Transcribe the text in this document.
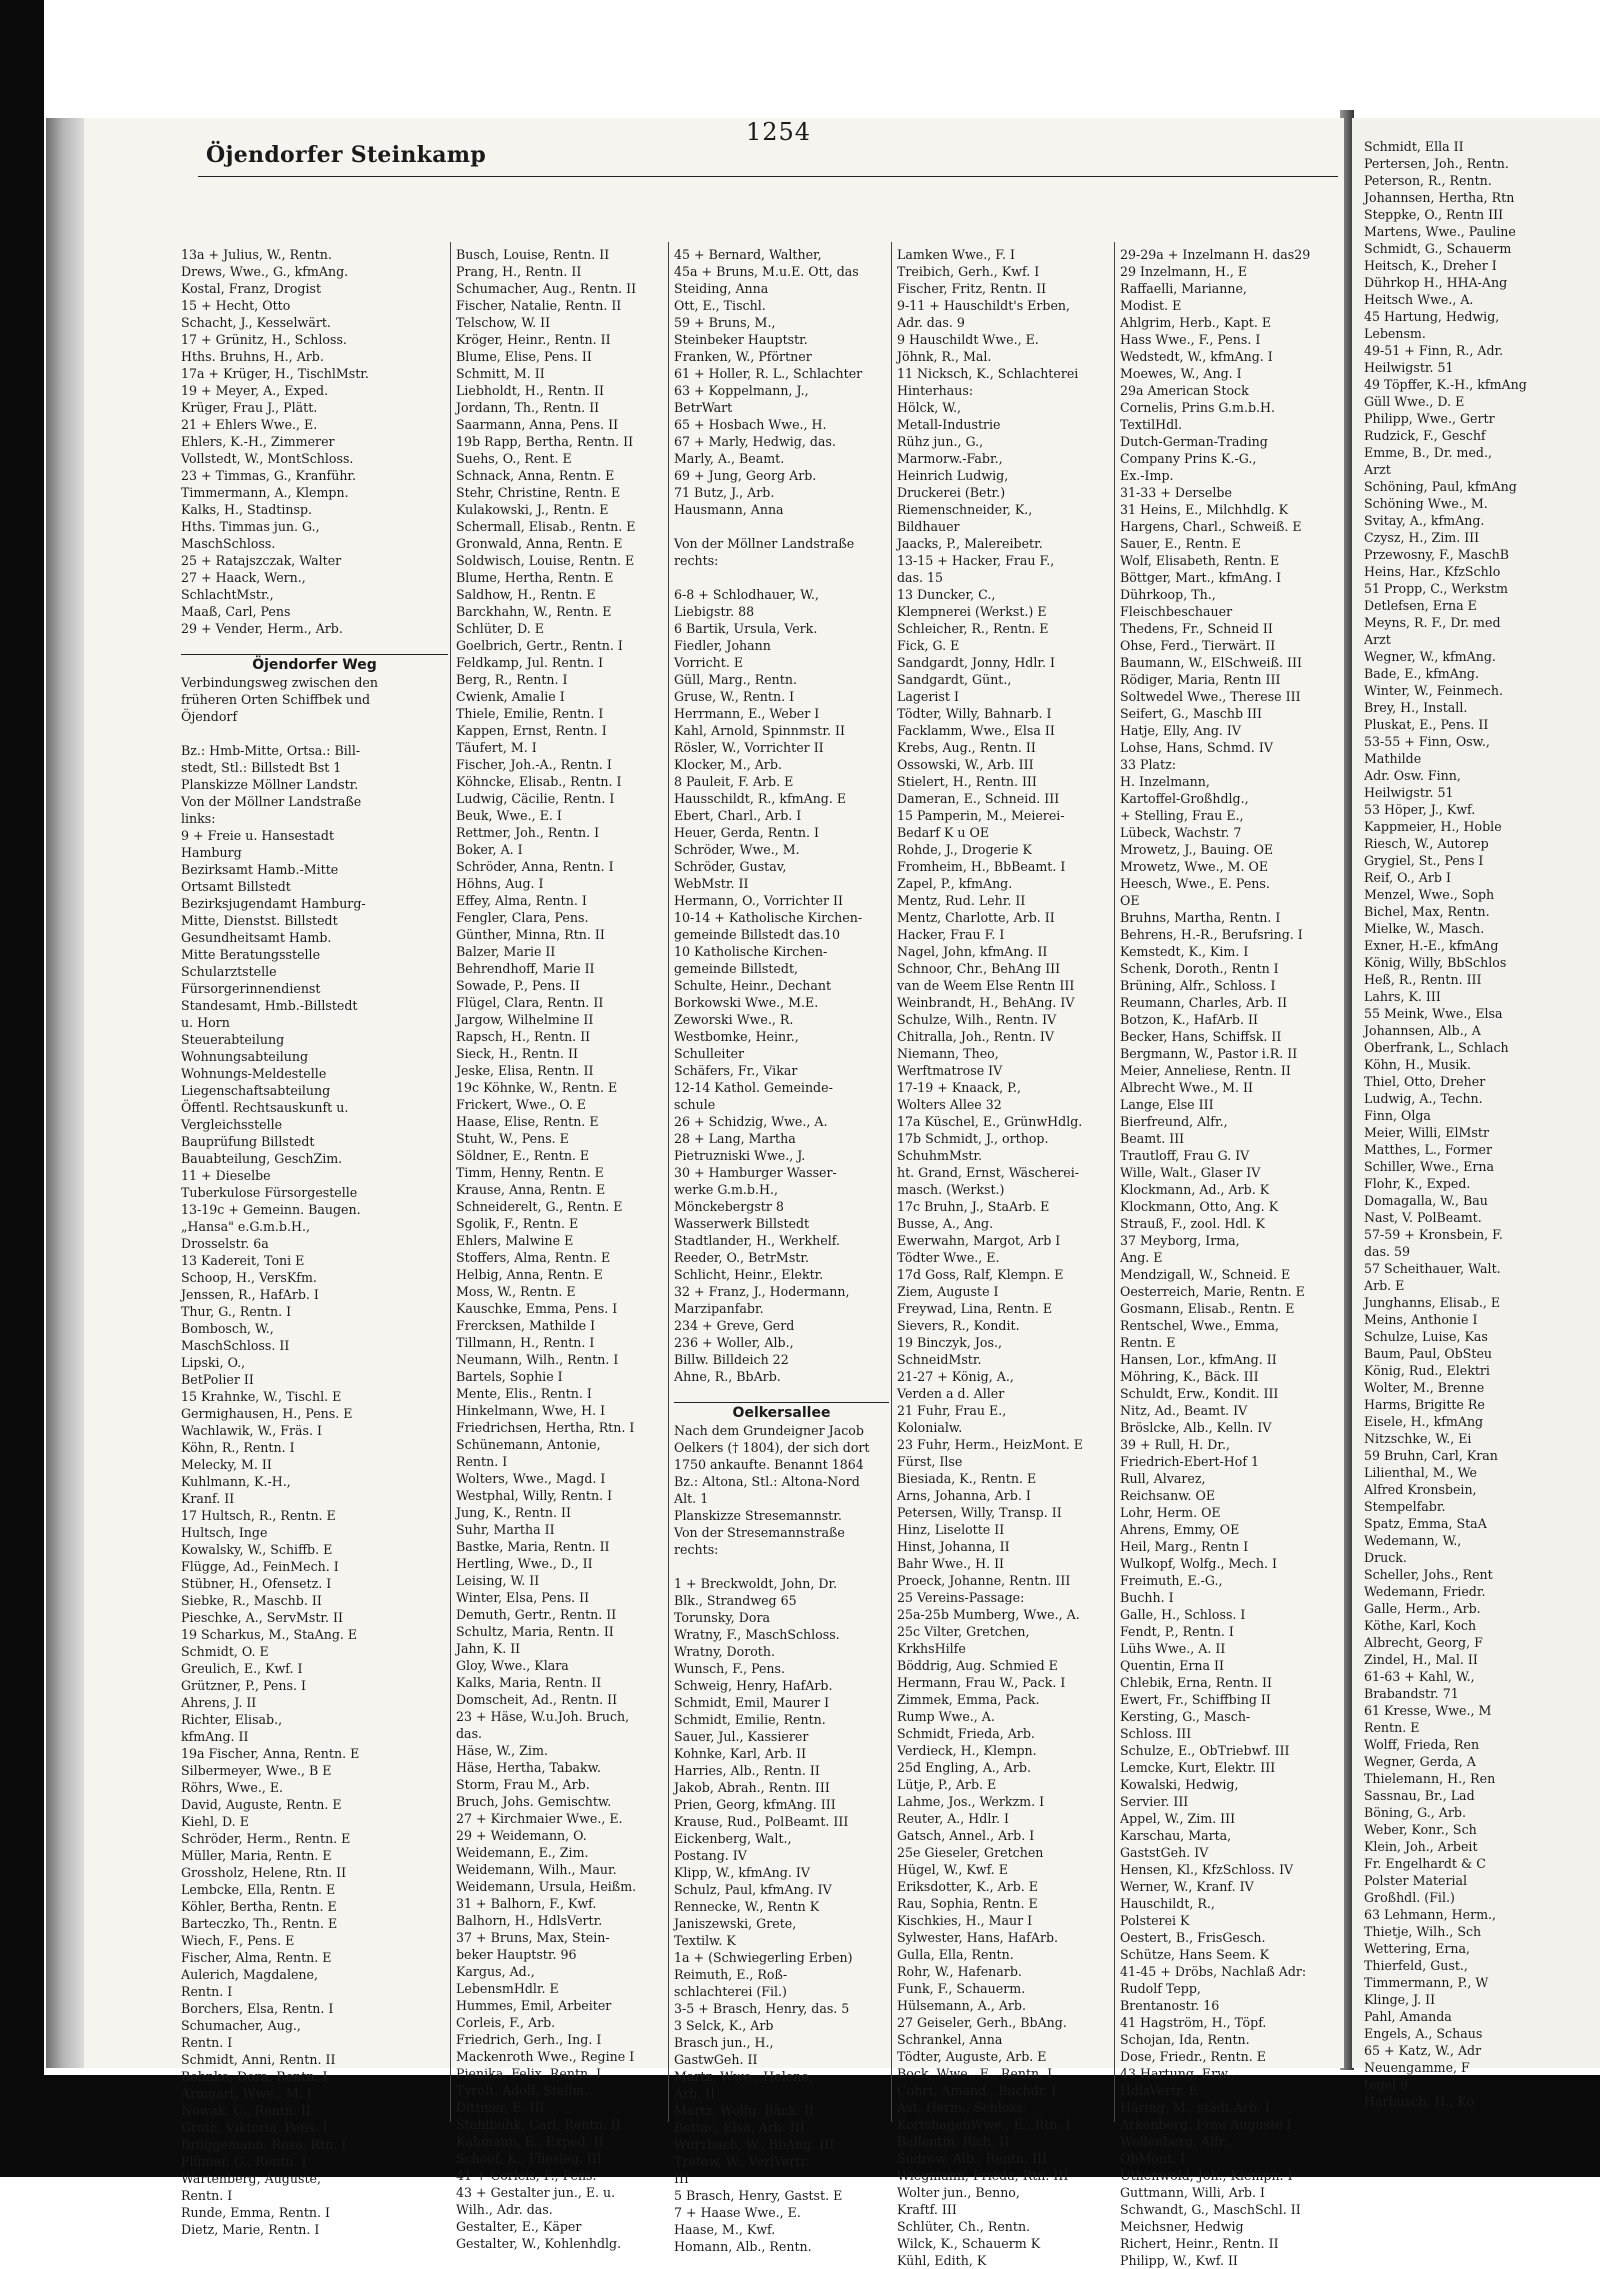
Öjendorfer Steinkamp
1254
13a + Julius, W., Rentn.
Drews, Wwe., G., kfmAng.
Kostal, Franz, Drogist
15 + Hecht, Otto
Schacht, J., Kesselwärt.
17 + Grünitz, H., Schloss.
Hths. Bruhns, H., Arb.
17a + Krüger, H., TischlMstr.
19 + Meyer, A., Exped.
Krüger, Frau J., Plätt.
21 + Ehlers Wwe., E.
Ehlers, K.-H., Zimmerer
Vollstedt, W., MontSchloss.
23 + Timmas, G., Kranführ.
Timmermann, A., Klempn.
Kalks, H., Stadtinsp.
Hths. Timmas jun. G.,
MaschSchloss.
25 + Ratajszczak, Walter
27 + Haack, Wern.,
SchlachtMstr.,
Maaß, Carl, Pens
29 + Vender, Herm., Arb.
Öjendorfer Weg
Verbindungsweg zwischen den
früheren Orten Schiffbek und
Öjendorf
Bz.: Hmb-Mitte, Ortsa.: Bill-
stedt, Stl.: Billstedt Bst 1
Planskizze Möllner Landstr.
Von der Möllner Landstraße
links:
9 + Freie u. Hansestadt
Hamburg
Bezirksamt Hamb.-Mitte
Ortsamt Billstedt
Bezirksjugendamt Hamburg-
Mitte, Dienstst. Billstedt
Gesundheitsamt Hamb.
Mitte Beratungsstelle
Schularztstelle
Fürsorgerinnendienst
Standesamt, Hmb.-Billstedt
u. Horn
Steuerabteilung
Wohnungsabteilung
Wohnungs-Meldestelle
Liegenschaftsabteilung
Öffentl. Rechtsauskunft u.
Vergleichsstelle
Bauprüfung Billstedt
Bauabteilung, GeschZim.
11 + Dieselbe
Tuberkulose Fürsorgestelle
13-19c + Gemeinn. Baugen.
„Hansa" e.G.m.b.H.,
Drosselstr. 6a
13 Kadereit, Toni E
Schoop, H., VersKfm.
Jenssen, R., HafArb. I
Thur, G., Rentn. I
Bombosch, W.,
MaschSchloss. II
Lipski, O.,
BetPolier II
15 Krahnke, W., Tischl. E
Germighausen, H., Pens. E
Wachlawik, W., Fräs. I
Köhn, R., Rentn. I
Melecky, M. II
Kuhlmann, K.-H.,
Kranf. II
17 Hultsch, R., Rentn. E
Hultsch, Inge
Kowalsky, W., Schiffb. E
Flügge, Ad., FeinMech. I
Stübner, H., Ofensetz. I
Siebke, R., Maschb. II
Pieschke, A., ServMstr. II
19 Scharkus, M., StaAng. E
Schmidt, O. E
Greulich, E., Kwf. I
Grützner, P., Pens. I
Ahrens, J. II
Richter, Elisab.,
kfmAng. II
19a Fischer, Anna, Rentn. E
Silbermeyer, Wwe., B E
Röhrs, Wwe., E.
David, Auguste, Rentn. E
Kiehl, D. E
Schröder, Herm., Rentn. E
Müller, Maria, Rentn. E
Grossholz, Helene, Rtn. II
Lembcke, Ella, Rentn. E
Köhler, Bertha, Rentn. E
Barteczko, Th., Rentn. E
Wiech, F., Pens. E
Fischer, Alma, Rentn. E
Aulerich, Magdalene,
Rentn. I
Borchers, Elsa, Rentn. I
Schumacher, Aug.,
Rentn. I
Schmidt, Anni, Rentn. II
Behnke, Dora, Rentn. I
Armgart, Wwe., M. I
Nowak, C., Rentn. II
Groth, Viktoria, Pens. I
Brüggemann, Rosa, Rtn. I
Plümer, G., Rentn. I
Wartenberg, Auguste,
Rentn. I
Runde, Emma, Rentn. I
Dietz, Marie, Rentn. I
Busch, Louise, Rentn. II
Prang, H., Rentn. II
Schumacher, Aug., Rentn. II
Fischer, Natalie, Rentn. II
Telschow, W. II
Kröger, Heinr., Rentn. II
Blume, Elise, Pens. II
Schmitt, M. II
Liebholdt, H., Rentn. II
Jordann, Th., Rentn. II
Saarmann, Anna, Pens. II
19b Rapp, Bertha, Rentn. II
Suehs, O., Rent. E
Schnack, Anna, Rentn. E
Stehr, Christine, Rentn. E
Kulakowski, J., Rentn. E
Schermall, Elisab., Rentn. E
Gronwald, Anna, Rentn. E
Soldwisch, Louise, Rentn. E
Blume, Hertha, Rentn. E
Saldhow, H., Rentn. E
Barckhahn, W., Rentn. E
Schlüter, D. E
Goelbrich, Gertr., Rentn. I
Feldkamp, Jul. Rentn. I
Berg, R., Rentn. I
Cwienk, Amalie I
Thiele, Emilie, Rentn. I
Kappen, Ernst, Rentn. I
Täufert, M. I
Fischer, Joh.-A., Rentn. I
Köhncke, Elisab., Rentn. I
Ludwig, Cäcilie, Rentn. I
Beuk, Wwe., E. I
Rettmer, Joh., Rentn. I
Boker, A. I
Schröder, Anna, Rentn. I
Höhns, Aug. I
Effey, Alma, Rentn. I
Fengler, Clara, Pens.
Günther, Minna, Rtn. II
Balzer, Marie II
Behrendhoff, Marie II
Sowade, P., Pens. II
Flügel, Clara, Rentn. II
Jargow, Wilhelmine II
Rapsch, H., Rentn. II
Sieck, H., Rentn. II
Jeske, Elisa, Rentn. II
19c Köhnke, W., Rentn. E
Frickert, Wwe., O. E
Haase, Elise, Rentn. E
Stuht, W., Pens. E
Söldner, E., Rentn. E
Timm, Henny, Rentn. E
Krause, Anna, Rentn. E
Schneiderelt, G., Rentn. E
Sgolik, F., Rentn. E
Ehlers, Malwine E
Stoffers, Alma, Rentn. E
Helbig, Anna, Rentn. E
Moss, W., Rentn. E
Kauschke, Emma, Pens. I
Frercksen, Mathilde I
Tillmann, H., Rentn. I
Neumann, Wilh., Rentn. I
Bartels, Sophie I
Mente, Elis., Rentn. I
Hinkelmann, Wwe, H. I
Friedrichsen, Hertha, Rtn. I
Schünemann, Antonie,
Rentn. I
Wolters, Wwe., Magd. I
Westphal, Willy, Rentn. I
Jung, K., Rentn. II
Suhr, Martha II
Bastke, Maria, Rentn. II
Hertling, Wwe., D., II
Leising, W. II
Winter, Elsa, Pens. II
Demuth, Gertr., Rentn. II
Schultz, Maria, Rentn. II
Jahn, K. II
Gloy, Wwe., Klara
Kalks, Maria, Rentn. II
Domscheit, Ad., Rentn. II
23 + Häse, W.u.Joh. Bruch,
das.
Häse, W., Zim.
Häse, Hertha, Tabakw.
Storm, Frau M., Arb.
Bruch, Johs. Gemischtw.
27 + Kirchmaier Wwe., E.
29 + Weidemann, O.
Weidemann, E., Zim.
Weidemann, Wilh., Maur.
Weidemann, Ursula, Heißm.
31 + Balhorn, F., Kwf.
Balhorn, H., HdlsVertr.
37 + Bruns, Max, Stein-
beker Hauptstr. 96
Kargus, Ad.,
LebensmHdlr. E
Hummes, Emil, Arbeiter
Corleis, F., Arb.
Friedrich, Gerh., Ing. I
Mackenroth Wwe., Regine I
Pienika, Felix, Rentn. I
Tyrolt, Adolf, Stellm.
Dittmer, E. III
Stahlbuhk, Carl, Rentn. II
Kahmann, E., Exped. II
Schoof, K., Fliesleg. III
41 + Corleis, F., Pens.
43 + Gestalter jun., E. u.
Wilh., Adr. das.
Gestalter, E., Käper
Gestalter, W., Kohlenhdlg.
45 + Bernard, Walther,
45a + Bruns, M.u.E. Ott, das
Steiding, Anna
Ott, E., Tischl.
59 + Bruns, M.,
Steinbeker Hauptstr.
Franken, W., Pförtner
61 + Holler, R. L., Schlachter
63 + Koppelmann, J.,
BetrWart
65 + Hosbach Wwe., H.
67 + Marly, Hedwig, das.
Marly, A., Beamt.
69 + Jung, Georg Arb.
71 Butz, J., Arb.
Hausmann, Anna
Von der Möllner Landstraße
rechts:
6-8 + Schlodhauer, W.,
Liebigstr. 88
6 Bartik, Ursula, Verk.
Fiedler, Johann
Vorricht. E
Güll, Marg., Rentn.
Gruse, W., Rentn. I
Herrmann, E., Weber I
Kahl, Arnold, Spinnmstr. II
Rösler, W., Vorrichter II
Klocker, M., Arb.
8 Pauleit, F. Arb. E
Hausschildt, R., kfmAng. E
Ebert, Charl., Arb. I
Heuer, Gerda, Rentn. I
Schröder, Wwe., M.
Schröder, Gustav,
WebMstr. II
Hermann, O., Vorrichter II
10-14 + Katholische Kirchen-
gemeinde Billstedt das.10
10 Katholische Kirchen-
gemeinde Billstedt,
Schulte, Heinr., Dechant
Borkowski Wwe., M.E.
Zeworski Wwe., R.
Westbomke, Heinr.,
Schulleiter
Schäfers, Fr., Vikar
12-14 Kathol. Gemeinde-
schule
26 + Schidzig, Wwe., A.
28 + Lang, Martha
Pietruzniski Wwe., J.
30 + Hamburger Wasser-
werke G.m.b.H.,
Mönckebergstr 8
Wasserwerk Billstedt
Stadtlander, H., Werkhelf.
Reeder, O., BetrMstr.
Schlicht, Heinr., Elektr.
32 + Franz, J., Hodermann,
Marzipanfabr.
234 + Greve, Gerd
236 + Woller, Alb.,
Billw. Billdeich 22
Ahne, R., BbArb.
Oelkersallee
Nach dem Grundeigner Jacob
Oelkers († 1804), der sich dort
1750 ankaufte. Benannt 1864
Bz.: Altona, Stl.: Altona-Nord
Alt. 1
Planskizze Stresemannstr.
Von der Stresemannstraße
rechts:
1 + Breckwoldt, John, Dr.
Blk., Strandweg 65
Torunsky, Dora
Wratny, F., MaschSchloss.
Wratny, Doroth.
Wunsch, F., Pens.
Schweig, Henry, HafArb.
Schmidt, Emil, Maurer I
Schmidt, Emilie, Rentn.
Sauer, Jul., Kassierer
Kohnke, Karl, Arb. II
Harries, Alb., Rentn. II
Jakob, Abrah., Rentn. III
Prien, Georg, kfmAng. III
Krause, Rud., PolBeamt. III
Eickenberg, Walt.,
Postang. IV
Klipp, W., kfmAng. IV
Schulz, Paul, kfmAng. IV
Rennecke, W., Rentn K
Janiszewski, Grete,
Textilw. K
1a + (Schwiegerling Erben)
Reimuth, E., Roß-
schlachterei (Fil.)
3-5 + Brasch, Henry, das. 5
3 Selck, K., Arb
Brasch jun., H.,
GastwGeh. II
Martz, Wwe., Helene,
Arb. II
Martz, Wolfg. Bäck. II
Bettac, Elsa, Arb. III
Wurzbach, W., BbAng. III
Tretow, W., VerlVertr.
III
5 Brasch, Henry, Gastst. E
7 + Haase Wwe., E.
Haase, M., Kwf.
Homann, Alb., Rentn.
Lamken Wwe., F. I
Treibich, Gerh., Kwf. I
Fischer, Fritz, Rentn. II
9-11 + Hauschildt's Erben,
Adr. das. 9
9 Hauschildt Wwe., E.
Jöhnk, R., Mal.
11 Nicksch, K., Schlachterei
Hinterhaus:
Hölck, W.,
Metall-Industrie
Rühz jun., G.,
Marmorw.-Fabr.,
Heinrich Ludwig,
Druckerei (Betr.)
Riemenschneider, K.,
Bildhauer
Jaacks, P., Malereibetr.
13-15 + Hacker, Frau F.,
das. 15
13 Duncker, C.,
Klempnerei (Werkst.) E
Schleicher, R., Rentn. E
Fick, G. E
Sandgardt, Jonny, Hdlr. I
Sandgardt, Günt.,
Lagerist I
Tödter, Willy, Bahnarb. I
Facklamm, Wwe., Elsa II
Krebs, Aug., Rentn. II
Ossowski, W., Arb. III
Stielert, H., Rentn. III
Dameran, E., Schneid. III
15 Pamperin, M., Meierei-
Bedarf K u OE
Rohde, J., Drogerie K
Fromheim, H., BbBeamt. I
Zapel, P., kfmAng.
Mentz, Rud. Lehr. II
Mentz, Charlotte, Arb. II
Hacker, Frau F. I
Nagel, John, kfmAng. II
Schnoor, Chr., BehAng III
van de Weem Else Rentn III
Weinbrandt, H., BehAng. IV
Schulze, Wilh., Rentn. IV
Chitralla, Joh., Rentn. IV
Niemann, Theo,
Werftmatrose IV
17-19 + Knaack, P.,
Wolters Allee 32
17a Küschel, E., GrünwHdlg.
17b Schmidt, J., orthop.
SchuhmMstr.
ht. Grand, Ernst, Wäscherei-
masch. (Werkst.)
17c Bruhn, J., StaArb. E
Busse, A., Ang.
Ewerwahn, Margot, Arb I
Tödter Wwe., E.
17d Goss, Ralf, Klempn. E
Ziem, Auguste I
Freywad, Lina, Rentn. E
Sievers, R., Kondit.
19 Binczyk, Jos.,
SchneidMstr.
21-27 + König, A.,
Verden a d. Aller
21 Fuhr, Frau E.,
Kolonialw.
23 Fuhr, Herm., HeizMont. E
Fürst, Ilse
Biesiada, K., Rentn. E
Arns, Johanna, Arb. I
Petersen, Willy, Transp. II
Hinz, Liselotte II
Hinst, Johanna, II
Bahr Wwe., H. II
Proeck, Johanne, Rentn. III
25 Vereins-Passage:
25a-25b Mumberg, Wwe., A.
25c Vilter, Gretchen,
KrkhsHilfe
Böddrig, Aug. Schmied E
Hermann, Frau W., Pack. I
Zimmek, Emma, Pack.
Rump Wwe., A.
Schmidt, Frieda, Arb.
Verdieck, H., Klempn.
25d Engling, A., Arb.
Lütje, P., Arb. E
Lahme, Jos., Werkzm. I
Reuter, A., Hdlr. I
Gatsch, Annel., Arb. I
25e Gieseler, Gretchen
Hügel, W., Kwf. E
Eriksdotter, K., Arb. E
Rau, Sophia, Rentn. E
Kischkies, H., Maur I
Sylwester, Hans, HafArb.
Gulla, Ella, Rentn.
Rohr, W., Hafenarb.
Funk, F., Schauerm.
Hülsemann, A., Arb.
27 Geiseler, Gerh., BbAng.
Schrankel, Anna
Tödter, Auguste, Arb. E
Bock, Wwe., E., Rentn. I
Cohrt, Amand., Buchdr. I
Ast, Herm., Schloss.
KortshagenWwe., E., Rtn. I
Ballentin, Rich. II
Sudrow, Alb., Rentn. III
Wiegmann, Frieda, Rtn. III
Wolter jun., Benno,
Kraftf. III
Schlüter, Ch., Rentn.
Wilck, K., Schauerm K
Kühl, Edith, K
29-29a + Inzelmann H. das29
29 Inzelmann, H., E
Raffaelli, Marianne,
Modist. E
Ahlgrim, Herb., Kapt. E
Hass Wwe., F., Pens. I
Wedstedt, W., kfmAng. I
Moewes, W., Ang. I
29a American Stock
Cornelis, Prins G.m.b.H.
TextilHdl.
Dutch-German-Trading
Company Prins K.-G.,
Ex.-Imp.
31-33 + Derselbe
31 Heins, E., Milchhdlg. K
Hargens, Charl., Schweiß. E
Sauer, E., Rentn. E
Wolf, Elisabeth, Rentn. E
Böttger, Mart., kfmAng. I
Dührkoop, Th.,
Fleischbeschauer
Thedens, Fr., Schneid II
Ohse, Ferd., Tierwärt. II
Baumann, W., ElSchweiß. III
Rödiger, Maria, Rentn III
Soltwedel Wwe., Therese III
Seifert, G., Maschb III
Hatje, Elly, Ang. IV
Lohse, Hans, Schmd. IV
33 Platz:
H. Inzelmann,
Kartoffel-Großhdlg.,
+ Stelling, Frau E.,
Lübeck, Wachstr. 7
Mrowetz, J., Bauing. OE
Mrowetz, Wwe., M. OE
Heesch, Wwe., E. Pens.
OE
Bruhns, Martha, Rentn. I
Behrens, H.-R., Berufsring. I
Kemstedt, K., Kim. I
Schenk, Doroth., Rentn I
Brüning, Alfr., Schloss. I
Reumann, Charles, Arb. II
Botzon, K., HafArb. II
Becker, Hans, Schiffsk. II
Bergmann, W., Pastor i.R. II
Meier, Anneliese, Rentn. II
Albrecht Wwe., M. II
Lange, Else III
Bierfreund, Alfr.,
Beamt. III
Trautloff, Frau G. IV
Wille, Walt., Glaser IV
Klockmann, Ad., Arb. K
Klockmann, Otto, Ang. K
Strauß, F., zool. Hdl. K
37 Meyborg, Irma,
Ang. E
Mendzigall, W., Schneid. E
Oesterreich, Marie, Rentn. E
Gosmann, Elisab., Rentn. E
Rentschel, Wwe., Emma,
Rentn. E
Hansen, Lor., kfmAng. II
Möhring, K., Bäck. III
Schuldt, Erw., Kondit. III
Nitz, Ad., Beamt. IV
Bröslcke, Alb., Kelln. IV
39 + Rull, H. Dr.,
Friedrich-Ebert-Hof 1
Rull, Alvarez,
Reichsanw. OE
Lohr, Herm. OE
Ahrens, Emmy, OE
Heil, Marg., Rentn I
Wulkopf, Wolfg., Mech. I
Freimuth, E.-G.,
Buchh. I
Galle, H., Schloss. I
Fendt, P., Rentn. I
Lühs Wwe., A. II
Quentin, Erna II
Chlebik, Erna, Rentn. II
Ewert, Fr., Schiffbing II
Kersting, G., Masch-
Schloss. III
Schulze, E., ObTriebwf. III
Lemcke, Kurt, Elektr. III
Kowalski, Hedwig,
Servier. III
Appel, W., Zim. III
Karschau, Marta,
GaststGeh. IV
Hensen, Kl., KfzSchloss. IV
Werner, W., Kranf. IV
Hauschildt, R.,
Polsterei K
Oestert, B., FrisGesch.
Schütze, Hans Seem. K
41-45 + Dröbs, Nachlaß Adr:
Rudolf Tepp,
Brentanostr. 16
41 Hagström, H., Töpf.
Schojan, Ida, Rentn.
Dose, Friedr., Rentn. E
43 Hartung, Erw.,
HdlsVertr. E
Häring, M., städt.Arb. I
Arkenberg, Frau Auguste I
Wollenberg, Alfr.,
ObMont. I
Uthenwold, Joh., Klempn. I
Guttmann, Willi, Arb. I
Schwandt, G., MaschSchl. II
Meichsner, Hedwig
Richert, Heinr., Rentn. II
Philipp, W., Kwf. II
Schmidt, Ella II
Pertersen, Joh., Rentn.
Peterson, R., Rentn.
Johannsen, Hertha, Rtn
Steppke, O., Rentn III
Martens, Wwe., Pauline
Schmidt, G., Schauerm
Heitsch, K., Dreher I
Dührkop H., HHA-Ang
Heitsch Wwe., A.
45 Hartung, Hedwig,
Lebensm.
49-51 + Finn, R., Adr.
Heilwigstr. 51
49 Töpffer, K.-H., kfmAng
Güll Wwe., D. E
Philipp, Wwe., Gertr
Rudzick, F., Geschf
Emme, B., Dr. med.,
Arzt
Schöning, Paul, kfmAng
Schöning Wwe., M.
Svitay, A., kfmAng.
Czysz, H., Zim. III
Przewosny, F., MaschB
Heins, Har., KfzSchlo
51 Propp, C., Werkstm
Detlefsen, Erna E
Meyns, R. F., Dr. med
Arzt
Wegner, W., kfmAng.
Bade, E., kfmAng.
Winter, W., Feinmech.
Brey, H., Install.
Pluskat, E., Pens. II
53-55 + Finn, Osw.,
Mathilde
Adr. Osw. Finn,
Heilwigstr. 51
53 Höper, J., Kwf.
Kappmeier, H., Hoble
Riesch, W., Autorep
Grygiel, St., Pens I
Reif, O., Arb I
Menzel, Wwe., Soph
Bichel, Max, Rentn.
Mielke, W., Masch.
Exner, H.-E., kfmAng
König, Willy, BbSchlos
Heß, R., Rentn. III
Lahrs, K. III
55 Meink, Wwe., Elsa
Johannsen, Alb., A
Oberfrank, L., Schlach
Köhn, H., Musik.
Thiel, Otto, Dreher
Ludwig, A., Techn.
Finn, Olga
Meier, Willi, ElMstr
Matthes, L., Former
Schiller, Wwe., Erna
Flohr, K., Exped.
Domagalla, W., Bau
Nast, V. PolBeamt.
57-59 + Kronsbein, F.
das. 59
57 Scheithauer, Walt.
Arb. E
Junghanns, Elisab., E
Meins, Anthonie I
Schulze, Luise, Kas
Baum, Paul, ObSteu
König, Rud., Elektri
Wolter, M., Brenne
Harms, Brigitte Re
Eisele, H., kfmAng
Nitzschke, W., Ei
59 Bruhn, Carl, Kran
Lilienthal, M., We
Alfred Kronsbein,
Stempelfabr.
Spatz, Emma, StaA
Wedemann, W.,
Druck.
Scheller, Johs., Rent
Wedemann, Friedr.
Galle, Herm., Arb.
Köthe, Karl, Koch
Albrecht, Georg, F
Zindel, H., Mal. II
61-63 + Kahl, W.,
Brabandstr. 71
61 Kresse, Wwe., M
Rentn. E
Wolff, Frieda, Ren
Wegner, Gerda, A
Thielemann, H., Ren
Sassnau, Br., Lad
Böning, G., Arb.
Weber, Konr., Sch
Klein, Joh., Arbeit
Fr. Engelhardt & C
Polster Material
Großhdl. (Fil.)
63 Lehmann, Herm.,
Thietje, Wilh., Sch
Wettering, Erna,
Thierfeld, Gust.,
Timmermann, P., W
Klinge, J. II
Pahl, Amanda
Engels, A., Schaus
65 + Katz, W., Adr
Neuengamme, F
tegel 9
Harbusch, H., Ko
